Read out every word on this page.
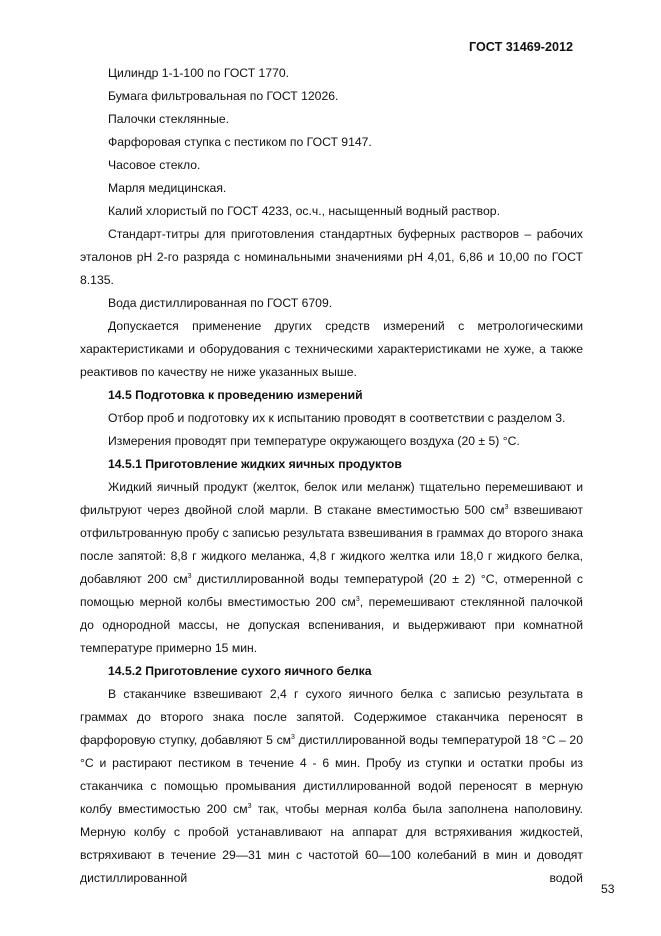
ГОСТ 31469-2012

Цилиндр 1-1-100 по ГОСТ 1770.

Бумага фильтровальная по ГОСТ 12026.

Палочки стеклянные.

Фарфоровая ступка с пестиком по ГОСТ 9147.

Часовое стекло.

Марля медицинская.

Калий хлористый по ГОСТ 4233, ос.ч., насыщенный водный раствор.

Стандарт-титры для приготовления стандартных буферных растворов – рабочих эталонов pH 2-го разряда с номинальными значениями pH 4,01, 6,86 и 10,00 по ГОСТ 8.135.

Вода дистиллированная по ГОСТ 6709.

Допускается применение других средств измерений с метрологическими характеристиками и оборудования с техническими характеристиками не хуже, а также реактивов по качеству не ниже указанных выше.

14.5 Подготовка к проведению измерений

Отбор проб и подготовку их к испытанию проводят в соответствии с разделом 3.

Измерения проводят при температуре окружающего воздуха (20 ± 5) °C.

14.5.1 Приготовление жидких яичных продуктов

Жидкий яичный продукт (желток, белок или меланж) тщательно перемешивают и фильтруют через двойной слой марли. В стакане вместимостью 500 $см^3$ взвешивают отфильтрованную пробу с записью результата взвешивания в граммах до второго знака после запятой: 8,8 г жидкого меланжа, 4,8 г жидкого желтка или 18,0 г жидкого белка, добавляют 200 $см^3$ дистиллированной воды температурой (20 ± 2) °C, отмеренной с помощью мерной колбы вместимостью 200 $см^3$, перемешивают стеклянной палочкой до однородной массы, не допуская вспенивания, и выдерживают при комнатной температуре примерно 15 мин.

14.5.2 Приготовление сухого яичного белка

В стаканчике взвешивают 2,4 г сухого яичного белка с записью результата в граммах до второго знака после запятой. Содержимое стаканчика переносят в фарфоровую ступку, добавляют 5 $см^3$ дистиллированной воды температурой 18 °C – 20 °C и растирают пестиком в течение 4 - 6 мин. Пробу из ступки и остатки пробы из стаканчика с помощью промывания дистиллированной водой переносят в мерную колбу вместимостью 200 $см^3$ так, чтобы мерная колба была заполнена наполовину. Мерную колбу с пробой устанавливают на аппарат для встряхивания жидкостей, встряхивают в течение 29—31 мин с частотой 60—100 колебаний в мин и доводят дистиллированной водой

53
